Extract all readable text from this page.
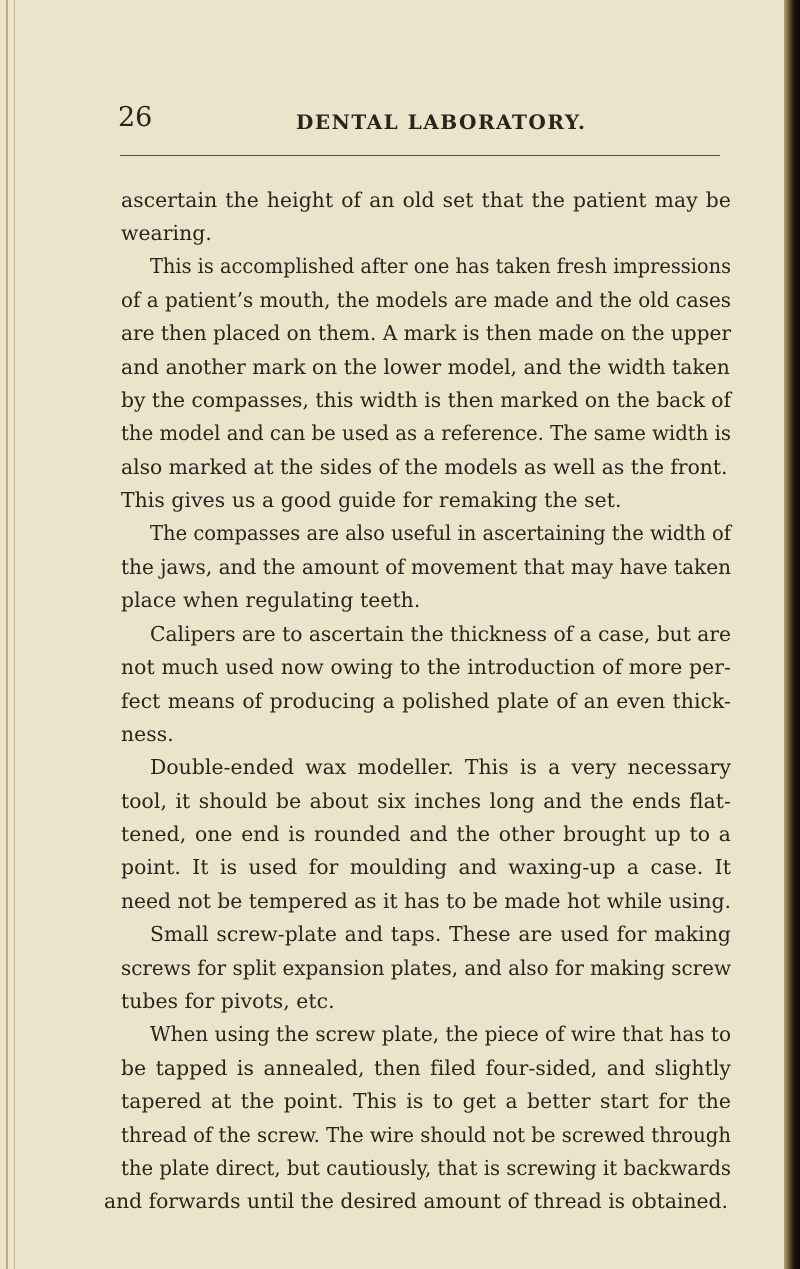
26	DENTAL LABORATORY.
ascertain the height of an old set that the patient may be
wearing.
This is accomplished after one has taken fresh impressions
of a patient’s mouth, the models are made and the old cases
are then placed on them. A mark is then made on the upper
and another mark on the lower model, and the width taken
by the compasses, this width is then marked on the back of
the model and can be used as a reference. The same width is
also marked at the sides of the models as well as the front.
This gives us a good guide for remaking the set.
The compasses are also useful in ascertaining the width of
the jaws, and the amount of movement that may have taken
place when regulating teeth.
Calipers are to ascertain the thickness of a case, but are
not much used now owing to the introduction of more per-
fect means of producing a polished plate of an even thick-
ness.
Double-ended wax modeller. This is a very necessary
tool, it should be about six inches long and the ends flat-
tened, one end is rounded and the other brought up to a
point. It is used for moulding and waxing-up a case. It
need not be tempered as it has to be made hot while using.
Small screw-plate and taps. These are used for making
screws for split expansion plates, and also for making screw
tubes for pivots, etc.
When using the screw plate, the piece of wire that has to
be tapped is annealed, then filed four-sided, and slightly
tapered at the point. This is to get a better start for the
thread of the screw. The wire should not be screwed through
the plate direct, but cautiously, that is screwing it backwards
and forwards until the desired amount of thread is obtained.
